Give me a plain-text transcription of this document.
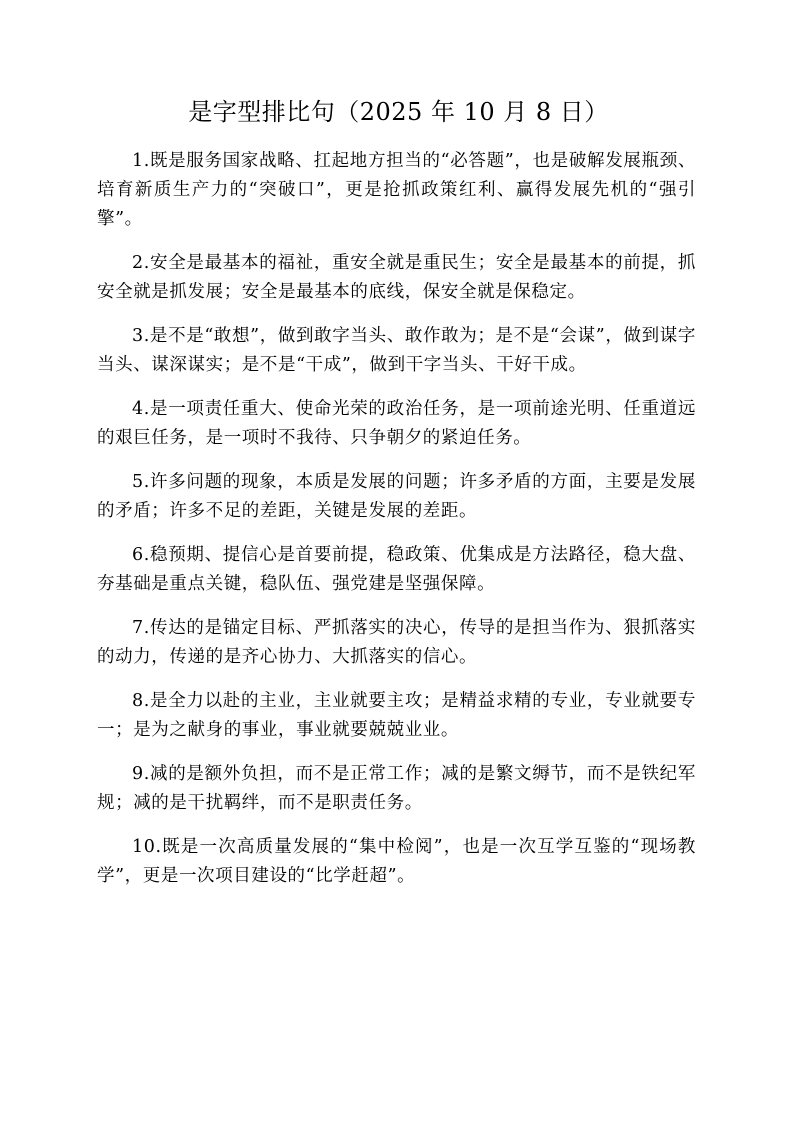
是字型排比句（2025 年 10 月 8 日）

1.既是服务国家战略、扛起地方担当的“必答题”，也是破解发展瓶颈、培育新质生产力的“突破口”，更是抢抓政策红利、赢得发展先机的“强引擎”。

2.安全是最基本的福祉，重安全就是重民生；安全是最基本的前提，抓安全就是抓发展；安全是最基本的底线，保安全就是保稳定。

3.是不是“敢想”，做到敢字当头、敢作敢为；是不是“会谋”，做到谋字当头、谋深谋实；是不是“干成”，做到干字当头、干好干成。

4.是一项责任重大、使命光荣的政治任务，是一项前途光明、任重道远的艰巨任务，是一项时不我待、只争朝夕的紧迫任务。

5.许多问题的现象，本质是发展的问题；许多矛盾的方面，主要是发展的矛盾；许多不足的差距，关键是发展的差距。

6.稳预期、提信心是首要前提，稳政策、优集成是方法路径，稳大盘、夯基础是重点关键，稳队伍、强党建是坚强保障。

7.传达的是锚定目标、严抓落实的决心，传导的是担当作为、狠抓落实的动力，传递的是齐心协力、大抓落实的信心。

8.是全力以赴的主业，主业就要主攻；是精益求精的专业，专业就要专一；是为之献身的事业，事业就要兢兢业业。

9.减的是额外负担，而不是正常工作；减的是繁文缛节，而不是铁纪军规；减的是干扰羁绊，而不是职责任务。

10.既是一次高质量发展的“集中检阅”，也是一次互学互鉴的“现场教学”，更是一次项目建设的“比学赶超”。
